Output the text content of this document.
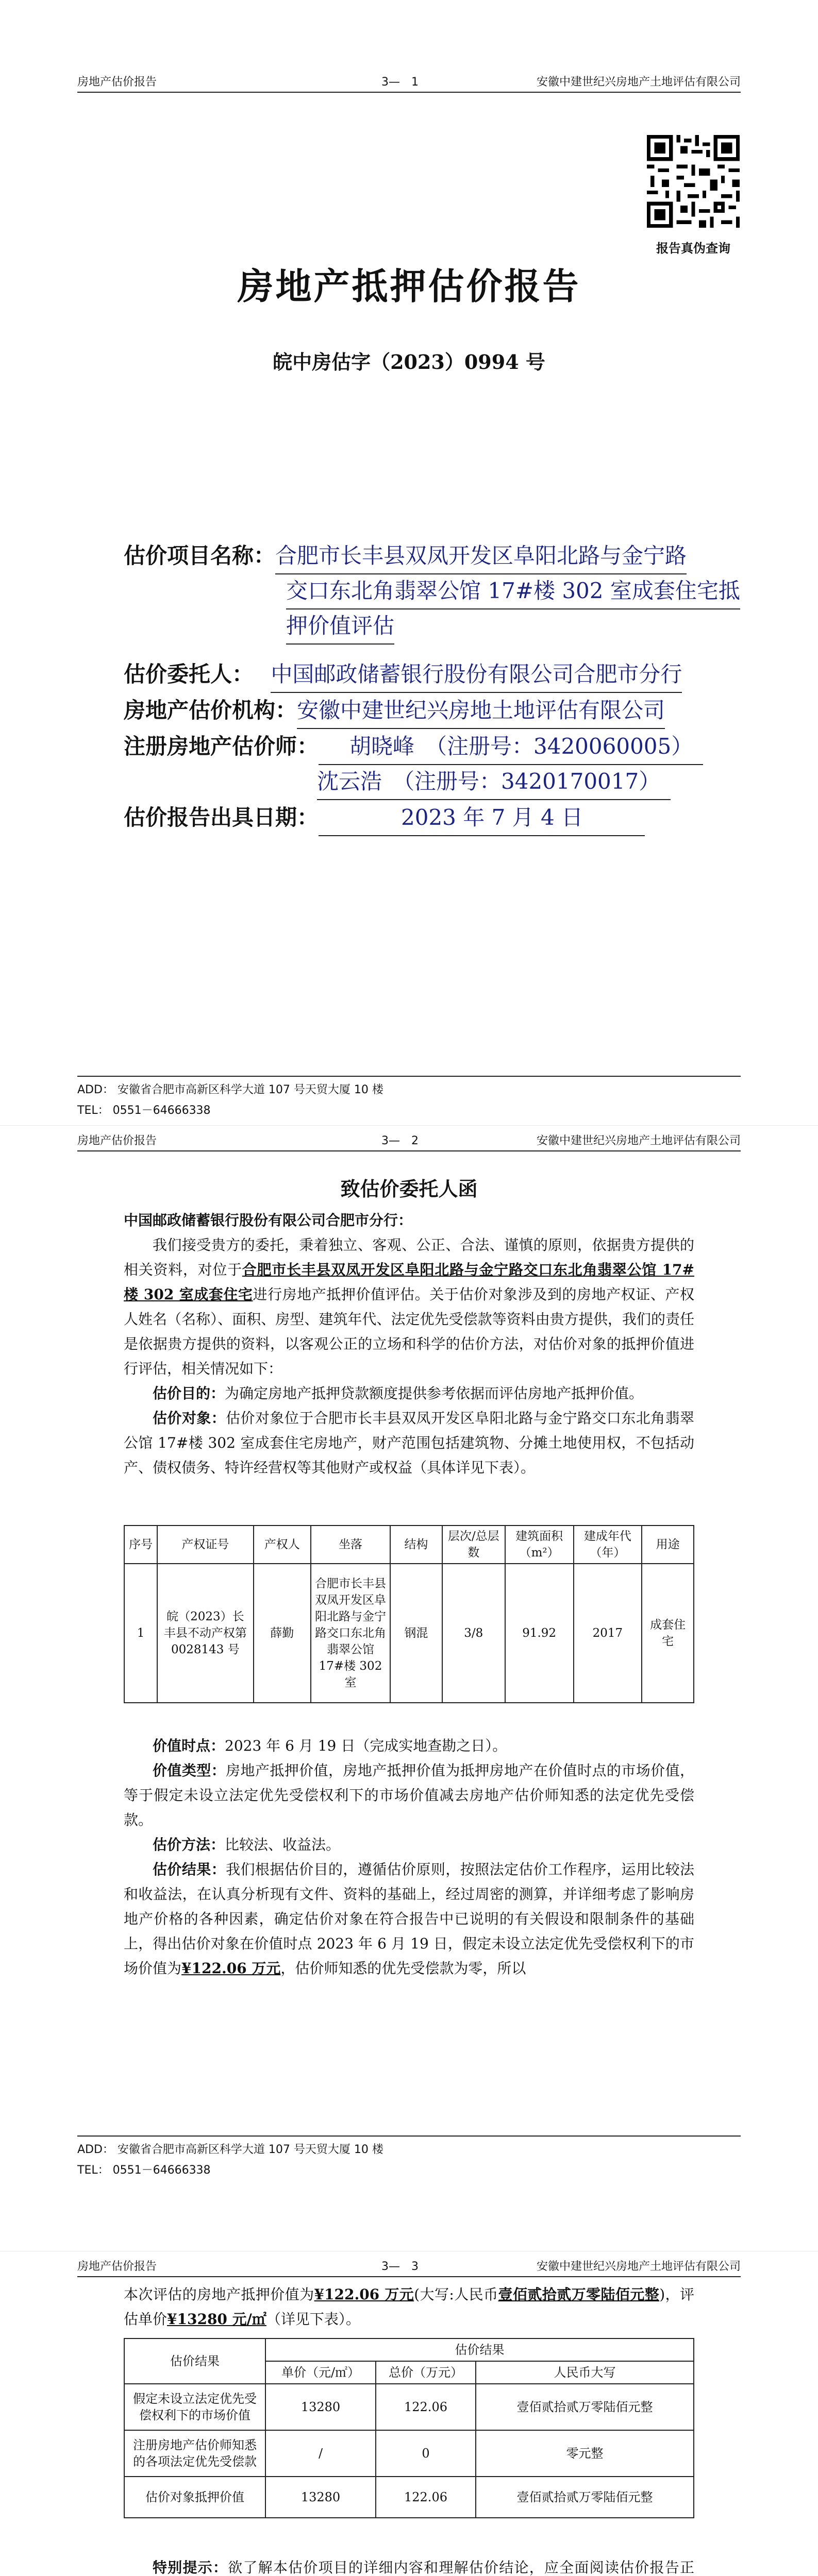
房地产估价报告	3—　1	安徽中建世纪兴房地产土地评估有限公司
报告真伪查询
房地产抵押估价报告
皖中房估字（2023）0994 号
估价项目名称：合肥市长丰县双凤开发区阜阳北路与金宁路
交口东北角翡翠公馆 17#楼 302 室成套住宅抵
押价值评估
估价委托人： 中国邮政储蓄银行股份有限公司合肥市分行
房地产估价机构：安徽中建世纪兴房地土地评估有限公司
注册房地产估价师： 胡晓峰　（注册号：3420060005）
沈云浩　（注册号：3420170017）
估价报告出具日期：	2023 年 7 月 4 日
ADD： 安徽省合肥市高新区科学大道 107 号天贸大厦 10 楼
TEL： 0551－64666338
房地产估价报告	3—　2	安徽中建世纪兴房地产土地评估有限公司
致估价委托人函
中国邮政储蓄银行股份有限公司合肥市分行：
我们接受贵方的委托，秉着独立、客观、公正、合法、谨慎的原则，依据贵方提供的相关资料，对位于合肥市长丰县双凤开发区阜阳北路与金宁路交口东北角翡翠公馆 17#楼 302 室成套住宅进行房地产抵押价值评估。关于估价对象涉及到的房地产权证、产权人姓名（名称）、面积、房型、建筑年代、法定优先受偿款等资料由贵方提供，我们的责任是依据贵方提供的资料，以客观公正的立场和科学的估价方法，对估价对象的抵押价值进行评估，相关情况如下：
估价目的：为确定房地产抵押贷款额度提供参考依据而评估房地产抵押价值。
估价对象：估价对象位于合肥市长丰县双凤开发区阜阳北路与金宁路交口东北角翡翠公馆 17#楼 302 室成套住宅房地产，财产范围包括建筑物、分摊土地使用权，不包括动产、债权债务、特许经营权等其他财产或权益（具体详见下表）。
序号	产权证号	产权人	坐落	结构	层次/总层数	建筑面积（m²）	建成年代（年）	用途
1	皖（2023）长丰县不动产权第0028143 号	薛勤	合肥市长丰县双凤开发区阜阳北路与金宁路交口东北角翡翠公馆 17#楼 302 室	钢混	3/8	91.92	2017	成套住宅
价值时点：2023 年 6 月 19 日（完成实地查勘之日）。
价值类型：房地产抵押价值，房地产抵押价值为抵押房地产在价值时点的市场价值，等于假定未设立法定优先受偿权利下的市场价值减去房地产估价师知悉的法定优先受偿款。
估价方法：比较法、收益法。
估价结果：我们根据估价目的，遵循估价原则，按照法定估价工作程序，运用比较法和收益法，在认真分析现有文件、资料的基础上，经过周密的测算，并详细考虑了影响房地产价格的各种因素，确定估价对象在符合报告中已说明的有关假设和限制条件的基础上，得出估价对象在价值时点 2023 年 6 月 19 日，假定未设立法定优先受偿权利下的市场价值为¥122.06 万元，估价师知悉的优先受偿款为零，所以
ADD： 安徽省合肥市高新区科学大道 107 号天贸大厦 10 楼
TEL： 0551－64666338
房地产估价报告	3—　3	安徽中建世纪兴房地产土地评估有限公司
本次评估的房地产抵押价值为¥122.06 万元(大写:人民币壹佰贰拾贰万零陆佰元整)，评估单价¥13280 元/㎡（详见下表）。
估价结果	估价结果		
	单价（元/㎡）	总价（万元）	人民币大写
假定未设立法定优先受偿权利下的市场价值	13280	122.06	壹佰贰拾贰万零陆佰元整
注册房地产估价师知悉的各项法定优先受偿款	/	0	零元整
估价对象抵押价值	13280	122.06	壹佰贰拾贰万零陆佰元整
特别提示：欲了解本估价项目的详细内容和理解估价结论，应全面阅读估价报告正
